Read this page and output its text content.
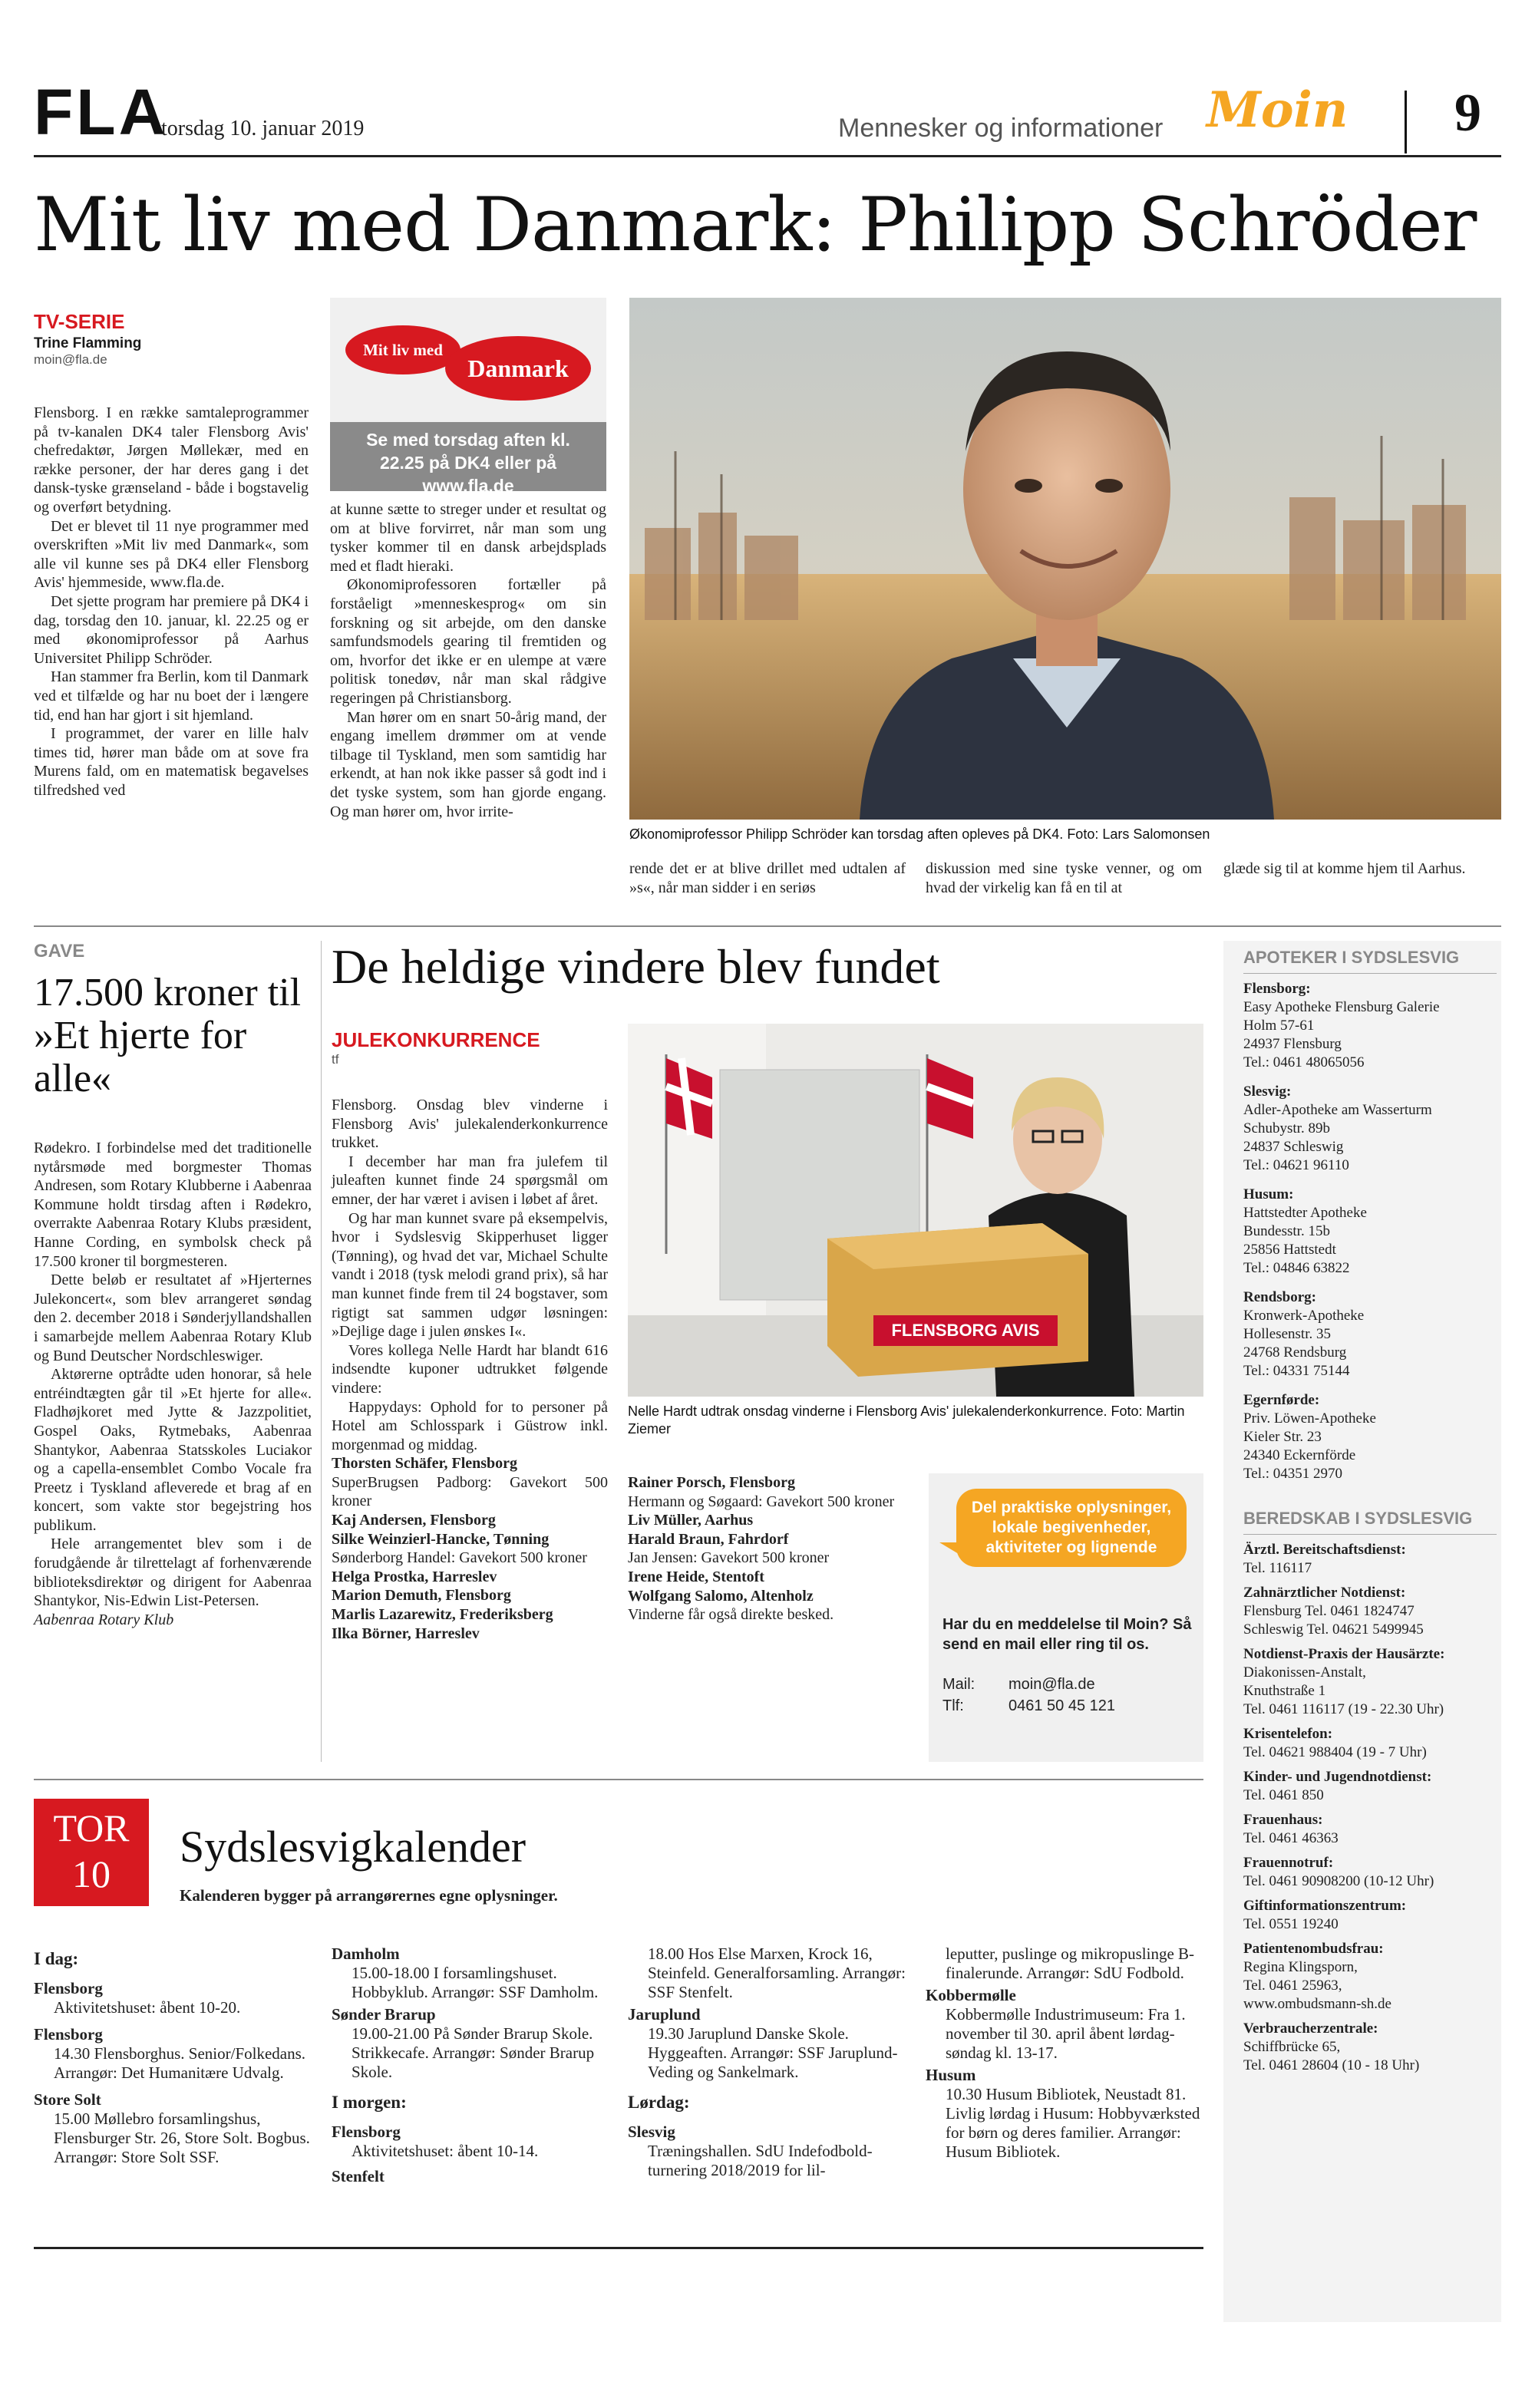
FLA
torsdag 10. januar 2019	Mennesker og informationer Moin 9
Mit liv med Danmark: Philipp Schröder
TV-SERIE
Trine Flamming
moin@fla.de
Mit liv med
Danmark
Se med torsdag aften kl. 22.25 på DK4 eller på www.fla.de
Økonomiprofessor Philipp Schröder kan torsdag aften opleves på DK4. Foto: Lars Salomonsen

Flensborg. I en række samtaleprogrammer på tv-kanalen DK4 taler Flensborg Avis' chefredaktør, Jørgen Møllekær, med en række personer, der har deres gang i det dansk-tyske grænseland - både i bogstavelig og overført betydning.

Det er blevet til 11 nye programmer med overskriften »Mit liv med Danmark«, som alle vil kunne ses på DK4 eller Flensborg Avis' hjemmeside, www.fla.de.

Det sjette program har premiere på DK4 i dag, torsdag den 10. januar, kl. 22.25 og er med økonomiprofessor på Aarhus Universitet Philipp Schröder.

Han stammer fra Berlin, kom til Danmark ved et tilfælde og har nu boet der i længere tid, end han har gjort i sit hjemland.

I programmet, der varer en lille halv times tid, hører man både om at sove fra Murens fald, om en matematisk begavelses tilfredshed ved

at kunne sætte to streger under et resultat og om at blive forvirret, når man som ung tysker kommer til en dansk arbejdsplads med et fladt hieraki.

Økonomiprofessoren fortæller på forståeligt »menneskesprog« om sin forskning og sit arbejde, om den danske samfundsmodels gearing til fremtiden og om, hvorfor det ikke er en ulempe at være politisk tonedøv, når man skal rådgive regeringen på Christiansborg.

Man hører om en snart 50-årig mand, der engang imellem drømmer om at vende tilbage til Tyskland, men som samtidig har erkendt, at han nok ikke passer så godt ind i det tyske system, som han gjorde engang. Og man hører om, hvor irrite-

rende det er at blive drillet med udtalen af »s«, når man sidder i en seriøs
diskussion med sine tyske venner, og om hvad der virkelig kan få en til at
glæde sig til at komme hjem til Aarhus.
GAVE
17.500 kroner til »Et hjerte for alle«

Rødekro. I forbindelse med det traditionelle nytårsmøde med borgmester Thomas Andresen, som Rotary Klubberne i Aabenraa Kommune holdt tirsdag aften i Rødekro, overrakte Aabenraa Rotary Klubs præsident, Hanne Cording, en symbolsk check på 17.500 kroner til borgmesteren.

Dette beløb er resultatet af »Hjerternes Julekoncert«, som blev arrangeret søndag den 2. december 2018 i Sønderjyllandshallen i samarbejde mellem Aabenraa Rotary Klub og Bund Deutscher Nordschleswiger.

Aktørerne optrådte uden honorar, så hele entréindtægten går til »Et hjerte for alle«. Fladhøjkoret med Jytte & Jazzpolitiet, Gospel Oaks, Rytmebaks, Aabenraa Shantykor, Aabenraa Statsskoles Luciakor og a capella-ensemblet Combo Vocale fra Preetz i Tyskland afleverede et brag af en koncert, som vakte stor begejstring hos publikum.

Hele arrangementet blev som i de forudgående år tilrettelagt af forhenværende biblioteksdirektør og dirigent for Aabenraa Shantykor, Nis-Edwin List-Petersen.

Aabenraa Rotary Klub

De heldige vindere blev fundet
JULEKONKURRENCE
tf

Flensborg. Onsdag blev vinderne i Flensborg Avis' julekalenderkonkurrence trukket.

I december har man fra julefem til juleaften kunnet finde 24 spørgsmål om emner, der har været i avisen i løbet af året.

Og har man kunnet svare på eksempelvis, hvor i Sydslesvig Skipperhuset ligger (Tønning), og hvad det var, Michael Schulte vandt i 2018 (tysk melodi grand prix), så har man kunnet finde frem til 24 bogstaver, som rigtigt sat sammen udgør løsningen: »Dejlige dage i julen ønskes I«.

Vores kollega Nelle Hardt har blandt 616 indsendte kuponer udtrukket følgende vindere:

Happydays: Ophold for to personer på Hotel am Schlosspark i Güstrow inkl. morgenmad og middag.

Thorsten Schäfer, Flensborg
SuperBrugsen Padborg: Gavekort 500 kroner

Kaj Andersen, Flensborg

Silke Weinzierl-Hancke, Tønning
Sønderborg Handel: Gavekort 500 kroner

Helga Prostka, Harreslev

Marion Demuth, Flensborg

Marlis Lazarewitz, Frederiksberg

Ilka Börner, Harreslev

FLENSBORG AVIS
Nelle Hardt udtrak onsdag vinderne i Flensborg Avis' julekalenderkonkurrence. Foto: Martin Ziemer

Rainer Porsch, Flensborg
Hermann og Søgaard: Gavekort 500 kroner

Liv Müller, Aarhus

Harald Braun, Fahrdorf
Jan Jensen: Gavekort 500 kroner

Irene Heide, Stentoft

Wolfgang Salomo, Altenholz
Vinderne får også direkte besked.

Del praktiske oplysninger, lokale begivenheder, aktiviteter og lignende
Har du en meddelelse til Moin? Så send en mail eller ring til os.
Mail: moin@fla.de
Tlf:	0461 50 45 121
APOTEKER I SYDSLESVIG
Flensborg:
Easy Apotheke Flensburg Galerie
Holm 57-61
24937 Flensburg
Tel.: 0461 48065056
Slesvig:
Adler-Apotheke am Wasserturm
Schubystr. 89b
24837 Schleswig
Tel.: 04621 96110
Husum:
Hattstedter Apotheke
Bundesstr. 15b
25856 Hattstedt
Tel.: 04846 63822
Rendsborg:
Kronwerk-Apotheke
Hollesenstr. 35
24768 Rendsburg
Tel.: 04331 75144
Egernførde:
Priv. Löwen-Apotheke
Kieler Str. 23
24340 Eckernförde
Tel.: 04351 2970
BEREDSKAB I SYDSLESVIG
Ärztl. Bereitschaftsdienst:
Tel. 116117
Zahnärztlicher Notdienst:
Flensburg Tel. 0461 1824747
Schleswig Tel. 04621 5499945
Notdienst-Praxis der Hausärzte:
Diakonissen-Anstalt,
Knuthstraße 1
Tel. 0461 116117 (19 - 22.30 Uhr)
Krisentelefon:
Tel. 04621 988404 (19 - 7 Uhr)
Kinder- und Jugendnotdienst:
Tel. 0461 850
Frauenhaus:
Tel. 0461 46363
Frauennotruf:
Tel. 0461 90908200 (10-12 Uhr)
Giftinformationszentrum:
Tel. 0551 19240
Patientenombudsfrau:
Regina Klingsporn,
Tel. 0461 25963,
www.ombudsmann-sh.de
Verbraucherzentrale:
Schiffbrücke 65,
Tel. 0461 28604 (10 - 18 Uhr)
TOR
10
Sydslesvigkalender
Kalenderen bygger på arrangørernes egne oplysninger.
I dag:
Flensborg
Aktivitetshuset: åbent 10-20.
Flensborg
14.30 Flensborghus. Senior/Folkedans. Arrangør: Det Humanitære Udvalg.
Store Solt
15.00 Møllebro forsamlingshus, Flensburger Str. 26, Store Solt. Bogbus. Arrangør: Store Solt SSF.
Damholm
15.00-18.00 I forsamlingshuset. Hobbyklub. Arrangør: SSF Damholm.
Sønder Brarup
19.00-21.00 På Sønder Brarup Skole. Strikkecafe. Arrangør: Sønder Brarup Skole.
I morgen:
Flensborg
Aktivitetshuset: åbent 10-14.
Stenfelt
18.00 Hos Else Marxen, Krock 16, Steinfeld. Generalforsamling. Arrangør: SSF Stenfelt.
Jaruplund
19.30 Jaruplund Danske Skole. Hyggeaften. Arrangør: SSF Jaruplund-Veding og Sankelmark.
Lørdag:
Slesvig
Træningshallen. SdU Indefodbold-turnering 2018/2019 for lil-
leputter, puslinge og mikropuslinge B-finalerunde. Arrangør: SdU Fodbold.
Kobbermølle
Kobbermølle Industrimuseum: Fra 1. november til 30. april åbent lørdag-søndag kl. 13-17.
Husum
10.30 Husum Bibliotek, Neustadt 81. Livlig lørdag i Husum: Hobbyværksted for børn og deres familier. Arrangør: Husum Bibliotek.
